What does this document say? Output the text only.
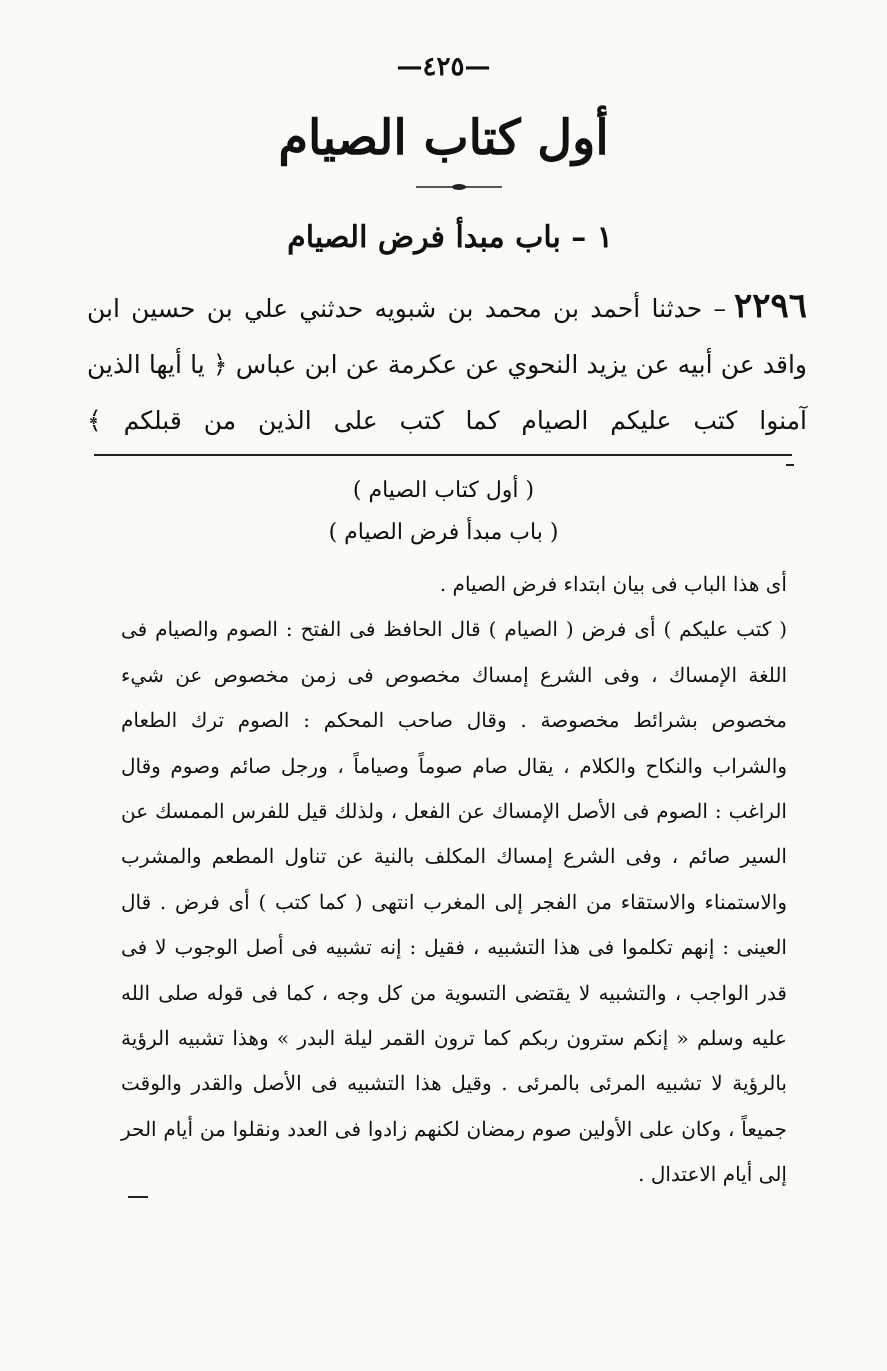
—٤٢٥—
أول كتاب الصيام
١ – باب مبدأ فرض الصيام
٢٢٩٦– حدثنا أحمد بن محمد بن شبويه حدثني علي بن حسين ابن واقد عن أبيه عن يزيد النحوي عن عكرمة عن ابن عباس ﴿ يا أيها الذين آمنوا كتب عليكم الصيام كما كتب على الذين من قبلكم ﴾
( أول كتاب الصيام )
( باب مبدأ فرض الصيام )

أى هذا الباب فى بيان ابتداء فرض الصيام .

( كتب عليكم ) أى فرض ( الصيام ) قال الحافظ فى الفتح : الصوم والصيام فى اللغة الإمساك ، وفى الشرع إمساك مخصوص فى زمن مخصوص عن شيء مخصوص بشرائط مخصوصة . وقال صاحب المحكم : الصوم ترك الطعام والشراب والنكاح والكلام ، يقال صام صوماً وصياماً ، ورجل صائم وصوم وقال الراغب : الصوم فى الأصل الإمساك عن الفعل ، ولذلك قيل للفرس الممسك عن السير صائم ، وفى الشرع إمساك المكلف بالنية عن تناول المطعم والمشرب والاستمناء والاستقاء من الفجر إلى المغرب انتهى ( كما كتب ) أى فرض . قال العينى : إنهم تكلموا فى هذا التشبيه ، فقيل : إنه تشبيه فى أصل الوجوب لا فى قدر الواجب ، والتشبيه لا يقتضى التسوية من كل وجه ، كما فى قوله صلى الله عليه وسلم « إنكم سترون ربكم كما ترون القمر ليلة البدر » وهذا تشبيه الرؤية بالرؤية لا تشبيه المرئى بالمرئى . وقيل هذا التشبيه فى الأصل والقدر والوقت جميعاً ، وكان على الأولين صوم رمضان لكنهم زادوا فى العدد ونقلوا من أيام الحر إلى أيام الاعتدال .
